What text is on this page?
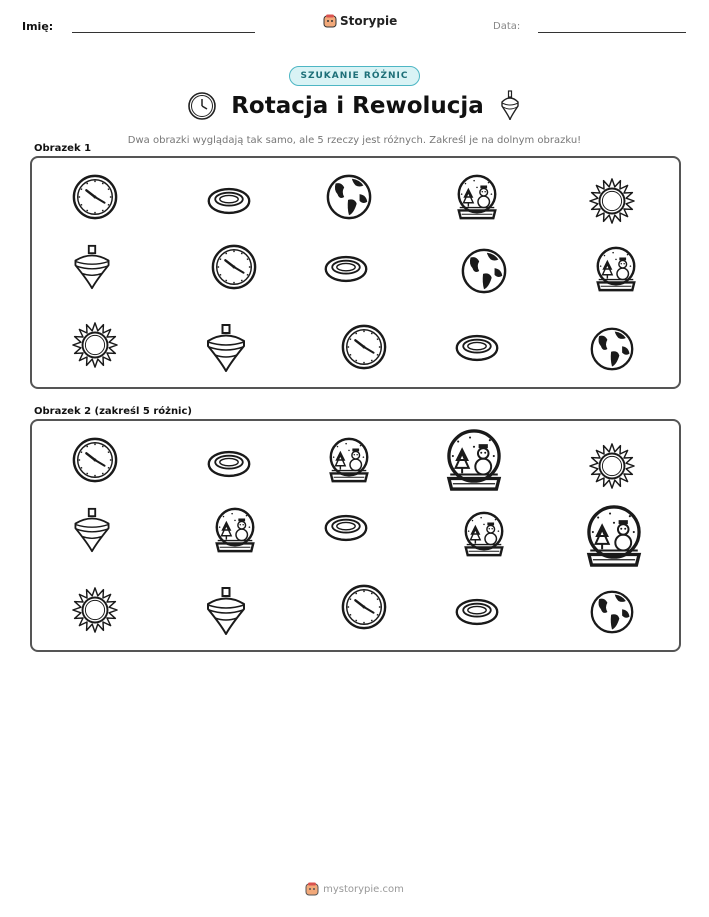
Imię:	Storypie	Data:
SZUKANIE RÓŻNIC
Rotacja i Rewolucja
Dwa obrazki wyglądają tak samo, ale 5 rzeczy jest różnych. Zakreśl je na dolnym obrazku!
Obrazek 1
Obrazek 2 (zakreśl 5 różnic)
mystorypie.com
